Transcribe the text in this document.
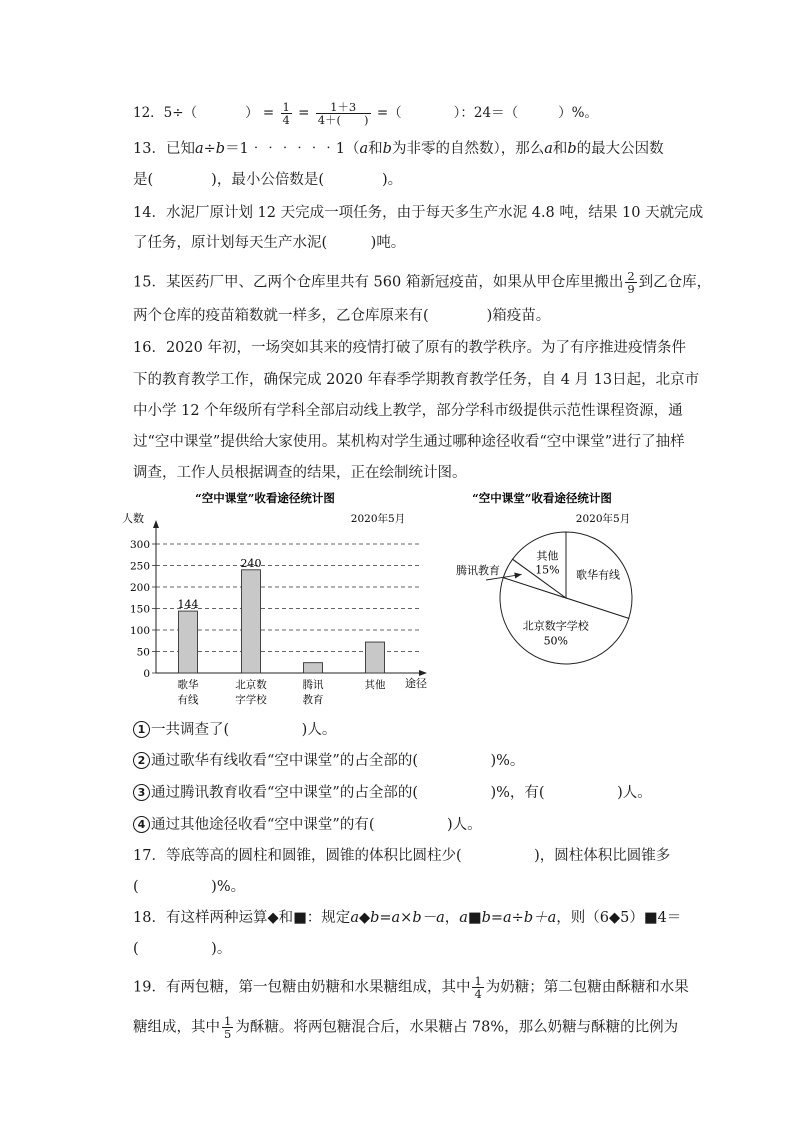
12．5÷（	） = $\frac{1}{4} = \frac{1+3}{4+( )}$ =（	）：24＝（	）%。
13．已知a÷b＝1‧‧‧‧‧‧1（a和b为非零的自然数），那么a和b的最大公因数
是(　　　　)，最小公倍数是(　　　　)。
14．水泥厂原计划 12 天完成一项任务，由于每天多生产水泥 4.8 吨，结果 10 天就完成
了任务，原计划每天生产水泥(　　　)吨。
15．某医药厂甲、乙两个仓库里共有 560 箱新冠疫苗，如果从甲仓库里搬出 $\frac{2}{9}$ 到乙仓库，
两个仓库的疫苗箱数就一样多，乙仓库原来有(　　　　)箱疫苗。
16．2020 年初，一场突如其来的疫情打破了原有的教学秩序。为了有序推进疫情条件
下的教育教学工作，确保完成 2020 年春季学期教育教学任务，自 4 月 13日起，北京市
中小学 12 个年级所有学科全部启动线上教学，部分学科市级提供示范性课程资源，通
过“空中课堂”提供给大家使用。某机构对学生通过哪种途径收看“空中课堂”进行了抽样
调查，工作人员根据调查的结果，正在绘制统计图。
“空中课堂”收看途径统计图
人数	2020年5月
途径
0
50
100
150
200
250
300
144
歌华
有线
240
北京数
字学校
腾讯
教育
其他
“空中课堂”收看途径统计图
2020年5月
歌华有线
北京数字学校
50%
其他
15%
腾讯教育
1 一共调查了(　　　　　)人。
2 通过歌华有线收看“空中课堂”的占全部的(　　　　　)%。
3 通过腾讯教育收看“空中课堂”的占全部的(　　　　　)%，有(　　　　　)人。
4 通过其他途径收看“空中课堂”的有(　　　　　)人。
17．等底等高的圆柱和圆锥，圆锥的体积比圆柱少(　　　　　)，圆柱体积比圆锥多
(　　　　　)%。
18．有这样两种运算◆和■：规定a◆b=a×b－a，a■b=a÷b＋a，则（6◆5）■4＝
(　　　　　)。
19．有两包糖，第一包糖由奶糖和水果糖组成，其中 $\frac{1}{4}$ 为奶糖；第二包糖由酥糖和水果
糖组成，其中 $\frac{1}{5}$ 为酥糖。将两包糖混合后，水果糖占 78%，那么奶糖与酥糖的比例为
